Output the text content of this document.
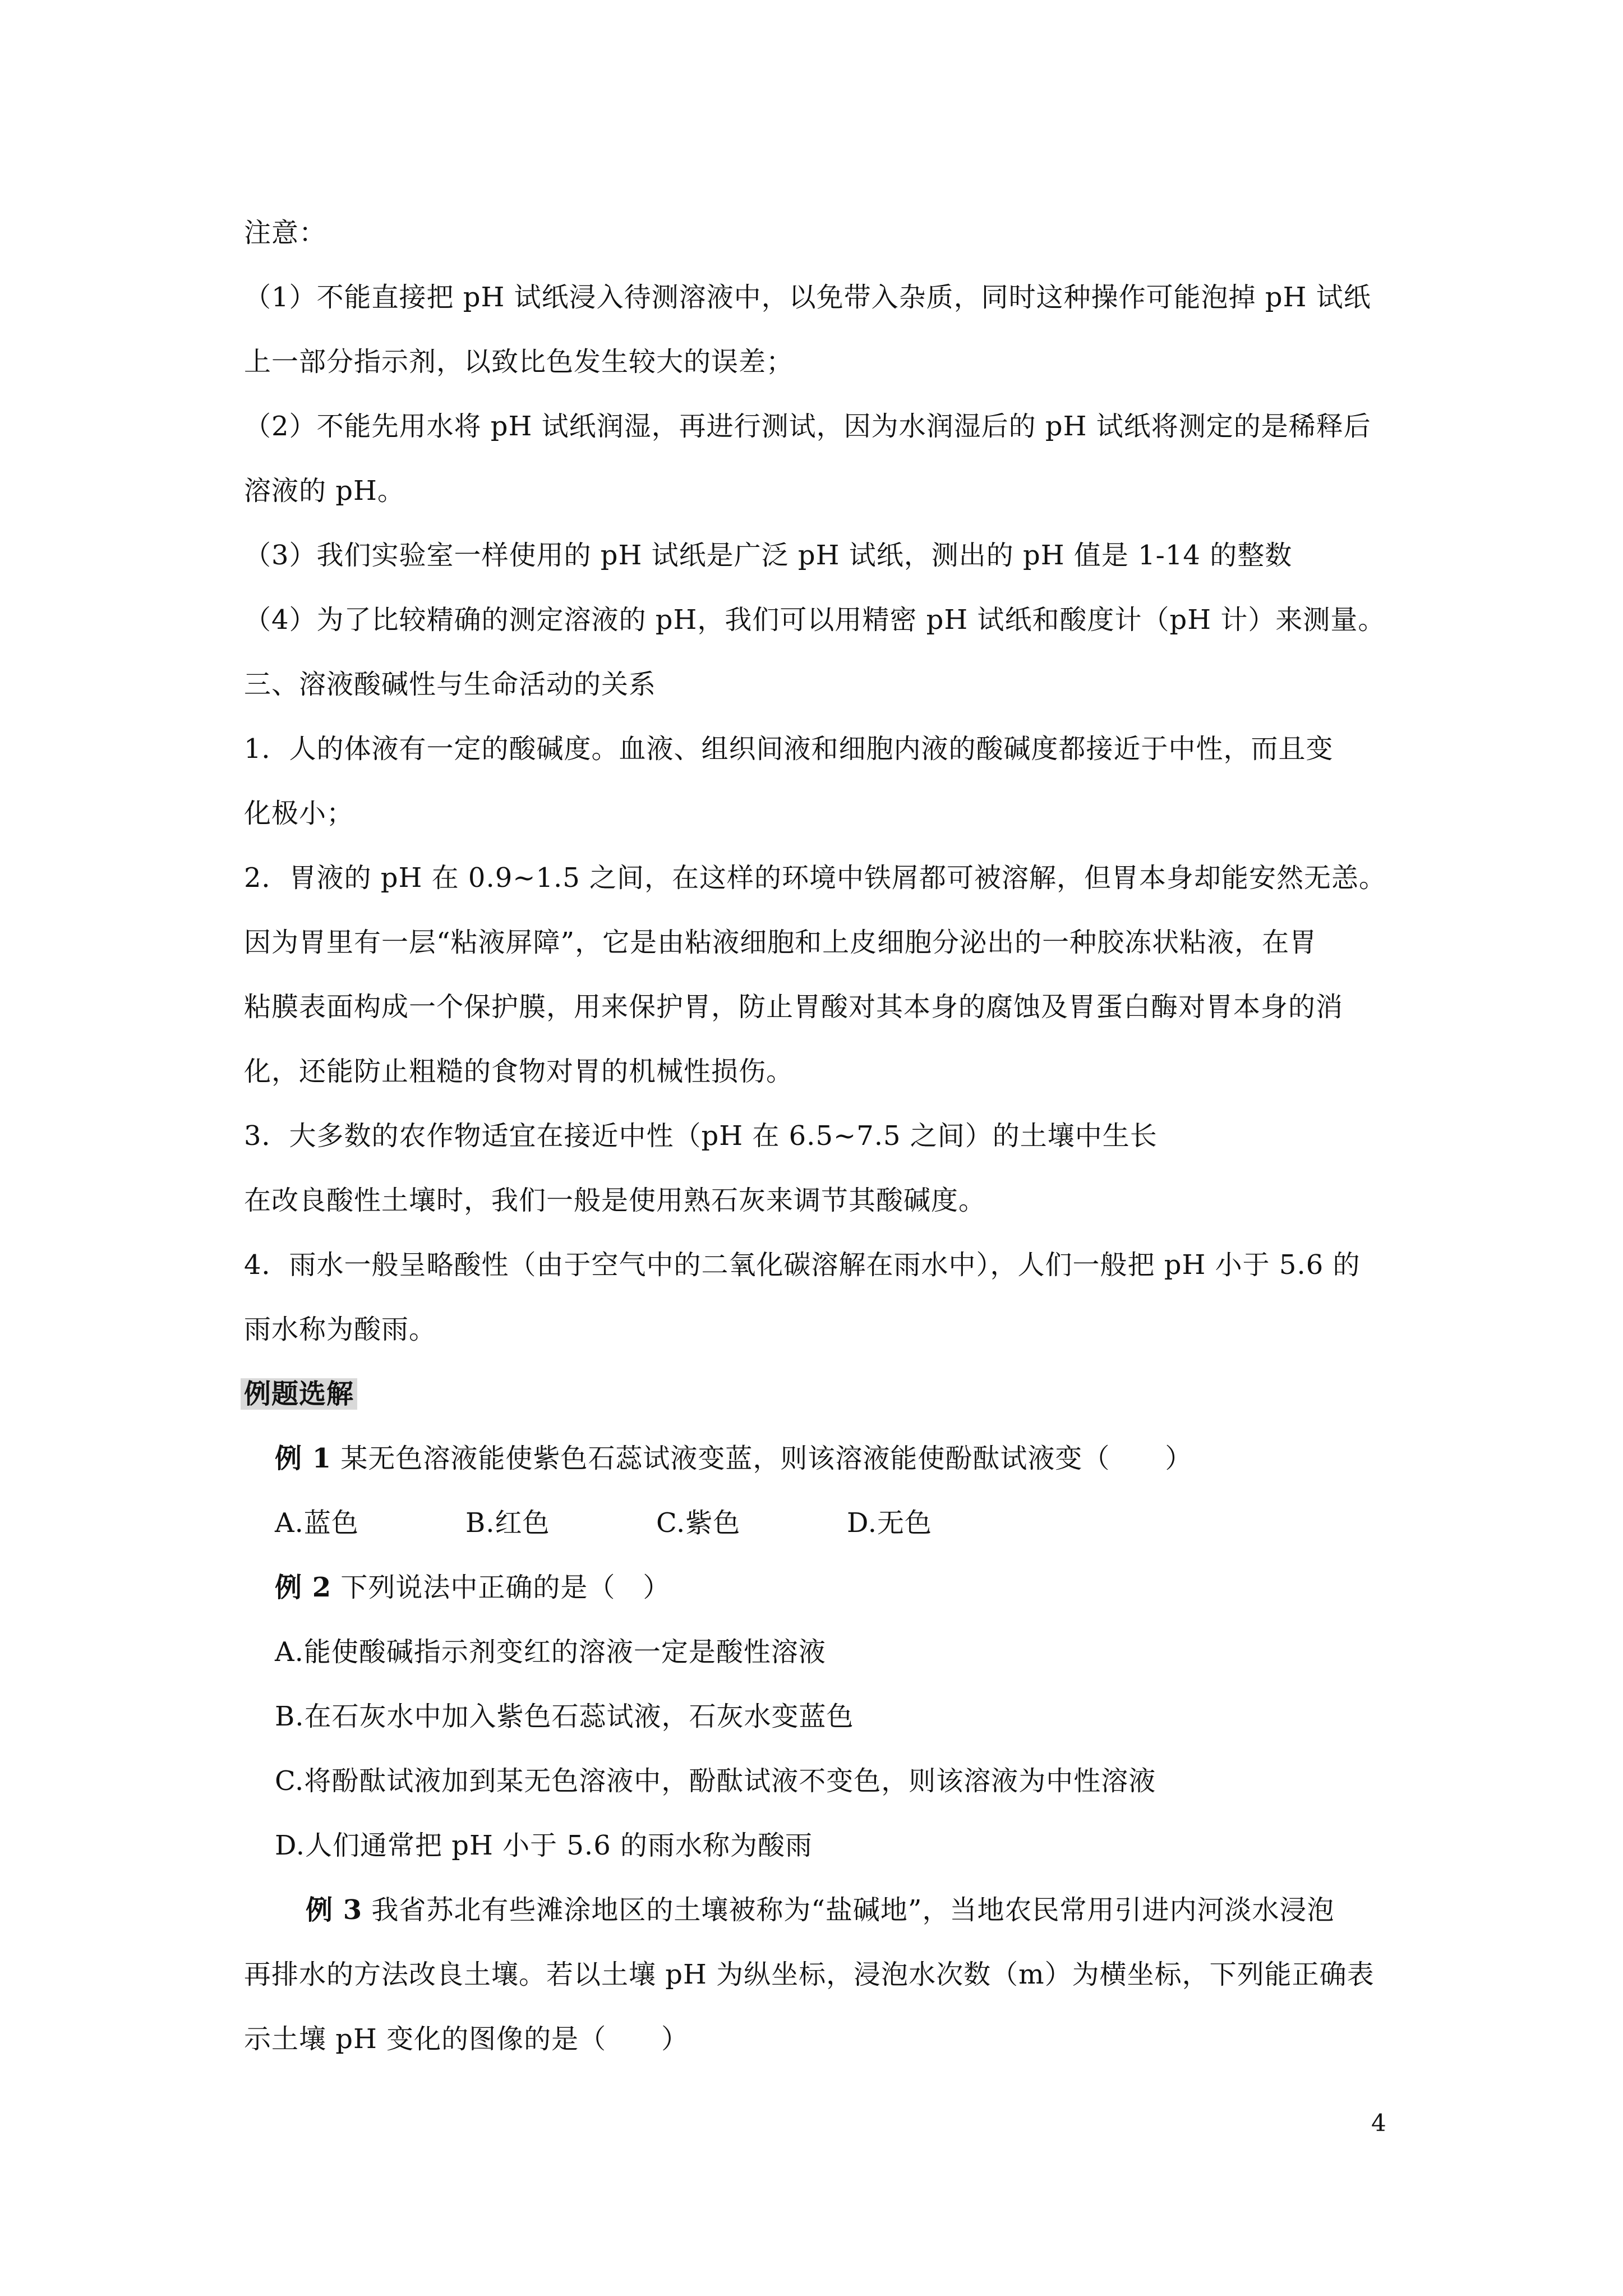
注意：
（1）不能直接把 pH 试纸浸入待测溶液中，以免带入杂质，同时这种操作可能泡掉 pH 试纸
上一部分指示剂，以致比色发生较大的误差；
（2）不能先用水将 pH 试纸润湿，再进行测试，因为水润湿后的 pH 试纸将测定的是稀释后
溶液的 pH。
（3）我们实验室一样使用的 pH 试纸是广泛 pH 试纸，测出的 pH 值是 1-14 的整数
（4）为了比较精确的测定溶液的 pH，我们可以用精密 pH 试纸和酸度计（pH 计）来测量。
三、溶液酸碱性与生命活动的关系
1．人的体液有一定的酸碱度。血液、组织间液和细胞内液的酸碱度都接近于中性，而且变
化极小；
2．胃液的 pH 在 0.9~1.5 之间，在这样的环境中铁屑都可被溶解，但胃本身却能安然无恙。
因为胃里有一层“粘液屏障”，它是由粘液细胞和上皮细胞分泌出的一种胶冻状粘液，在胃
粘膜表面构成一个保护膜，用来保护胃，防止胃酸对其本身的腐蚀及胃蛋白酶对胃本身的消
化，还能防止粗糙的食物对胃的机械性损伤。
3．大多数的农作物适宜在接近中性（pH 在 6.5~7.5 之间）的土壤中生长
在改良酸性土壤时，我们一般是使用熟石灰来调节其酸碱度。
4．雨水一般呈略酸性（由于空气中的二氧化碳溶解在雨水中），人们一般把 pH 小于 5.6 的
雨水称为酸雨。
例题选解
例 1 某无色溶液能使紫色石蕊试液变蓝，则该溶液能使酚酞试液变（　　）
A.蓝色	B.红色	C.紫色	D.无色
例 2 下列说法中正确的是（　）
A.能使酸碱指示剂变红的溶液一定是酸性溶液
B.在石灰水中加入紫色石蕊试液，石灰水变蓝色
C.将酚酞试液加到某无色溶液中，酚酞试液不变色，则该溶液为中性溶液
D.人们通常把 pH 小于 5.6 的雨水称为酸雨
例 3 我省苏北有些滩涂地区的土壤被称为“盐碱地”，当地农民常用引进内河淡水浸泡
再排水的方法改良土壤。若以土壤 pH 为纵坐标，浸泡水次数（m）为横坐标，下列能正确表
示土壤 pH 变化的图像的是（　　）
4
